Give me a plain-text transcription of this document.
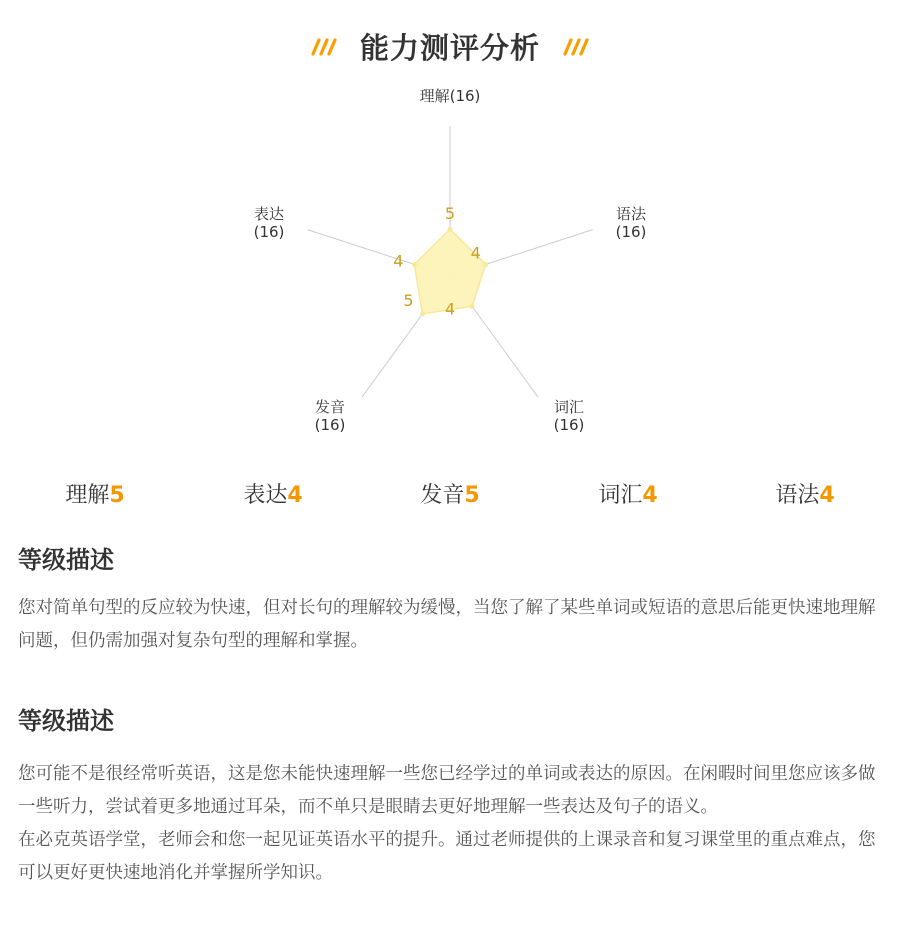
能力测评分析
5
4
4
5
4
理解(16)
语法
(16)
词汇
(16)
发音
(16)
表达
(16)
理解5	表达4	发音5	词汇4	语法4
等级描述

您对简单句型的反应较为快速，但对长句的理解较为缓慢，当您了解了某些单词或短语的意思后能更快速地理解问题，但仍需加强对复杂句型的理解和掌握。

等级描述

您可能不是很经常听英语，这是您未能快速理解一些您已经学过的单词或表达的原因。在闲暇时间里您应该多做一些听力，尝试着更多地通过耳朵，而不单只是眼睛去更好地理解一些表达及句子的语义。

在必克英语学堂，老师会和您一起见证英语水平的提升。通过老师提供的上课录音和复习课堂里的重点难点，您可以更好更快速地消化并掌握所学知识。
